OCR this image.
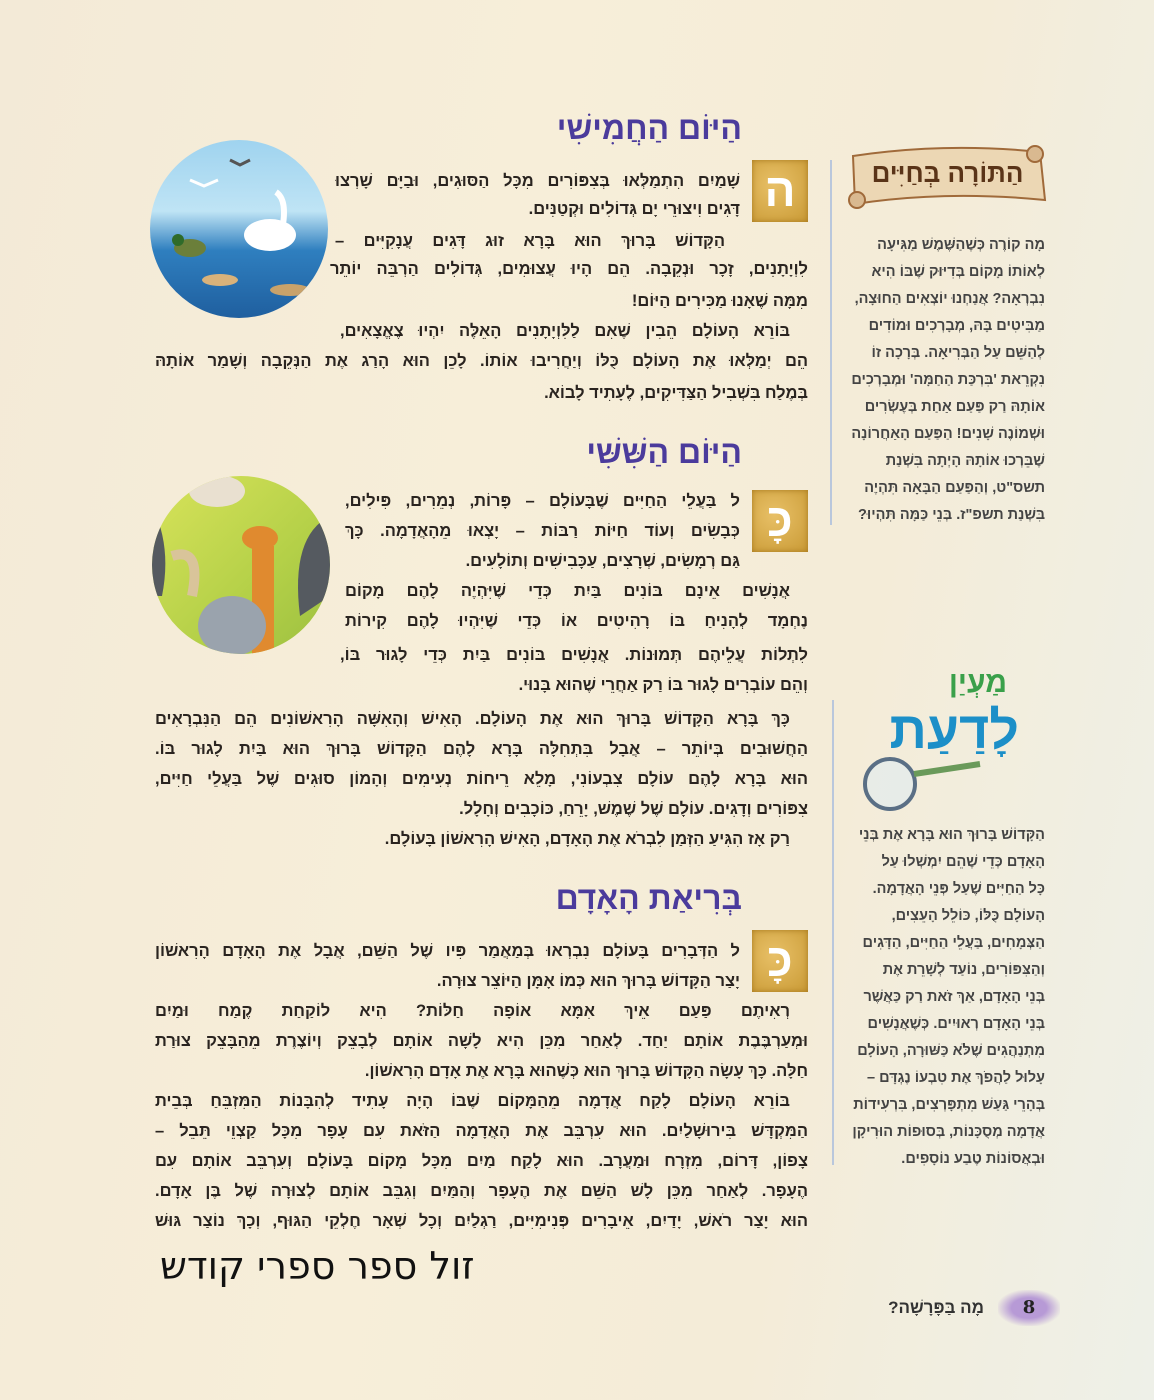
הַיּוֹם הַחֲמִישִׁי
הַיּוֹם הַשִּׁשִּׁי
בְּרִיאַת הָאָדָם
ה
כָּ
כָּ
שָׁמַיִם הִתְמַלְּאוּ בְּצִפּוֹרִים מִכָּל הַסּוּגִים, וּבַיָּם שָׁרְצוּ
דָּגִים וִיצוּרֵי יָם גְּדוֹלִים וּקְטַנִּים.
הַקָּדוֹשׁ בָּרוּךְ הוּא בָּרָא זוּג דָּגִים עֲנָקִיִּים –
לִוְיָתָנִים, זָכָר וּנְקֵבָה. הֵם הָיוּ עֲצוּמִים, גְּדוֹלִים הַרְבֵּה יוֹתֵר
מִמָּה שֶׁאָנוּ מַכִּירִים הַיּוֹם!
בּוֹרֵא הָעוֹלָם הֵבִין שֶׁאִם לַלִּוְיָתָנִים הָאֵלֶּה יִהְיוּ צֶאֱצָאִים,
הֵם יְמַלְּאוּ אֶת הָעוֹלָם כֻּלּוֹ וְיַחֲרִיבוּ אוֹתוֹ. לָכֵן הוּא הָרַג אֶת הַנְּקֵבָה וְשָׁמַר אוֹתָהּ
בְּמֶלַח בִּשְׁבִיל הַצַּדִּיקִים, לֶעָתִיד לָבוֹא.
ל בַּעֲלֵי הַחַיִּים שֶׁבָּעוֹלָם – פָּרוֹת, נְמֵרִים, פִּילִים,
כְּבָשִׂים וְעוֹד חַיּוֹת רַבּוֹת – יָצְאוּ מֵהָאֲדָמָה. כָּךְ
גַּם רְמָשִׂים, שְׁרָצִים, עַכָּבִישִׁים וְתוֹלָעִים.
אֲנָשִׁים אֵינָם בּוֹנִים בַּיִת כְּדֵי שֶׁיִּהְיֶה לָהֶם מָקוֹם
נֶחְמָד לְהָנִיחַ בּוֹ רָהִיטִים אוֹ כְּדֵי שֶׁיִּהְיוּ לָהֶם קִירוֹת
לִתְלוֹת עֲלֵיהֶם תְּמוּנוֹת. אֲנָשִׁים בּוֹנִים בַּיִת כְּדֵי לָגוּר בּוֹ,
וְהֵם עוֹבְרִים לָגוּר בּוֹ רַק אַחֲרֵי שֶׁהוּא בָּנוּי.
כָּךְ בָּרָא הַקָּדוֹשׁ בָּרוּךְ הוּא אֶת הָעוֹלָם. הָאִישׁ וְהָאִשָּׁה הָרִאשׁוֹנִים הֵם הַנִּבְרָאִים
הַחֲשׁוּבִים בְּיוֹתֵר – אֲבָל בִּתְחִלָּה בָּרָא לָהֶם הַקָּדוֹשׁ בָּרוּךְ הוּא בַּיִת לָגוּר בּוֹ.
הוּא בָּרָא לָהֶם עוֹלָם צִבְעוֹנִי, מָלֵא רֵיחוֹת נְעִימִים וְהָמוֹן סוּגִים שֶׁל בַּעֲלֵי חַיִּים,
צִפּוֹרִים וְדָגִים. עוֹלָם שֶׁל שֶׁמֶשׁ, יָרֵחַ, כּוֹכָבִים וְחָלָל.
רַק אָז הִגִּיעַ הַזְּמַן לִבְרֹא אֶת הָאָדָם, הָאִישׁ הָרִאשׁוֹן בָּעוֹלָם.
ל הַדְּבָרִים בָּעוֹלָם נִבְרְאוּ בְּמַאֲמַר פִּיו שֶׁל הַשֵּׁם, אֲבָל אֶת הָאָדָם הָרִאשׁוֹן
יָצַר הַקָּדוֹשׁ בָּרוּךְ הוּא כְּמוֹ אָמָּן הַיּוֹצֵר צוּרָה.
רְאִיתֶם פַּעַם אֵיךְ אִמָּא אוֹפָה חַלּוֹת? הִיא לוֹקַחַת קֶמַח וּמַיִם
וּמְעַרְבֶּבֶת אוֹתָם יַחַד. לְאַחַר מִכֵּן הִיא לָשָׁה אוֹתָם לְבָצֵק וְיוֹצֶרֶת מֵהַבָּצֵק צוּרַת
חַלָּה. כָּךְ עָשָׂה הַקָּדוֹשׁ בָּרוּךְ הוּא כְּשֶׁהוּא בָּרָא אֶת אָדָם הָרִאשׁוֹן.
בּוֹרֵא הָעוֹלָם לָקַח אֲדָמָה מֵהַמָּקוֹם שֶׁבּוֹ הָיָה עָתִיד לְהִבָּנוֹת הַמִּזְבֵּחַ בְּבֵית
הַמִּקְדָּשׁ בִּירוּשָׁלַיִם. הוּא עִרְבֵּב אֶת הָאֲדָמָה הַזֹּאת עִם עָפָר מִכָּל קַצְוֵי תֵּבֵל –
צָפוֹן, דָּרוֹם, מִזְרָח וּמַעֲרָב. הוּא לָקַח מַיִם מִכָּל מָקוֹם בָּעוֹלָם וְעִרְבֵּב אוֹתָם עִם
הֶעָפָר. לְאַחַר מִכֵּן לָשׁ הַשֵּׁם אֶת הֶעָפָר וְהַמַּיִם וְגִבֵּב אוֹתָם לְצוּרָה שֶׁל בֶּן אָדָם.
הוּא יָצַר רֹאשׁ, יָדַיִם, אֵיבָרִים פְּנִימִיִּים, רַגְלַיִם וְכָל שְׁאָר חֶלְקֵי הַגּוּף, וְכָךְ נוֹצַר גּוּשׁ
זול ספר ספרי קודש
הַתּוֹרָה בְּחַיִּים
מַעְיַן
לָדַעַת
מָה קוֹרֶה כְּשֶׁהַשֶּׁמֶשׁ מַגִּיעָה
לְאוֹתוֹ מָקוֹם בְּדִיּוּק שֶׁבּוֹ הִיא
נִבְרְאָה? אֲנַחְנוּ יוֹצְאִים הַחוּצָה,
מַבִּיטִים בָּהּ, מְבָרְכִים וּמוֹדִים
לְהַשֵּׁם עַל הַבְּרִיאָה. בְּרָכָה זוֹ
נִקְרֵאת 'בִּרְכַּת הַחַמָּה' וּמְבָרְכִים
אוֹתָהּ רַק פַּעַם אַחַת בְּעֶשְׂרִים
וּשְׁמוֹנֶה שָׁנִים! הַפַּעַם הָאַחֲרוֹנָה
שֶׁבֵּרְכוּ אוֹתָהּ הָיְתָה בִּשְׁנַת
תשס"ט, וְהַפַּעַם הַבָּאָה תִּהְיֶה
בִּשְׁנַת תשפ"ז. בְּנֵי כַּמָּה תִּהְיוּ?
הַקָּדוֹשׁ בָּרוּךְ הוּא בָּרָא אֶת בְּנֵי
הָאָדָם כְּדֵי שֶׁהֵם יִמְשְׁלוּ עַל
כָּל הַחַיִּים שֶׁעַל פְּנֵי הָאֲדָמָה.
הָעוֹלָם כֻּלּוֹ, כּוֹלֵל הָעֵצִים,
הַצְּמָחִים, בַּעֲלֵי הַחַיִּים, הַדָּגִים
וְהַצִּפּוֹרִים, נוֹעַד לְשָׁרֵת אֶת
בְּנֵי הָאָדָם, אַךְ זֹאת רַק כַּאֲשֶׁר
בְּנֵי הָאָדָם רְאוּיִים. כְּשֶׁאֲנָשִׁים
מִתְנַהֲגִים שֶׁלֹּא כַּשּׁוּרָה, הָעוֹלָם
עָלוּל לַהֲפֹךְ אֶת טִבְעוֹ נֶגְדָּם –
בְּהָרֵי גַּעַשׁ מִתְפָּרְצִים, בִּרְעִידוֹת
אֲדָמָה מְסֻכָּנוֹת, בְּסוּפוֹת הוּרִיקָן
וּבְאֲסוֹנוֹת טֶבַע נוֹסָפִים.
8
מָה בַּפָּרָשָׁה?
